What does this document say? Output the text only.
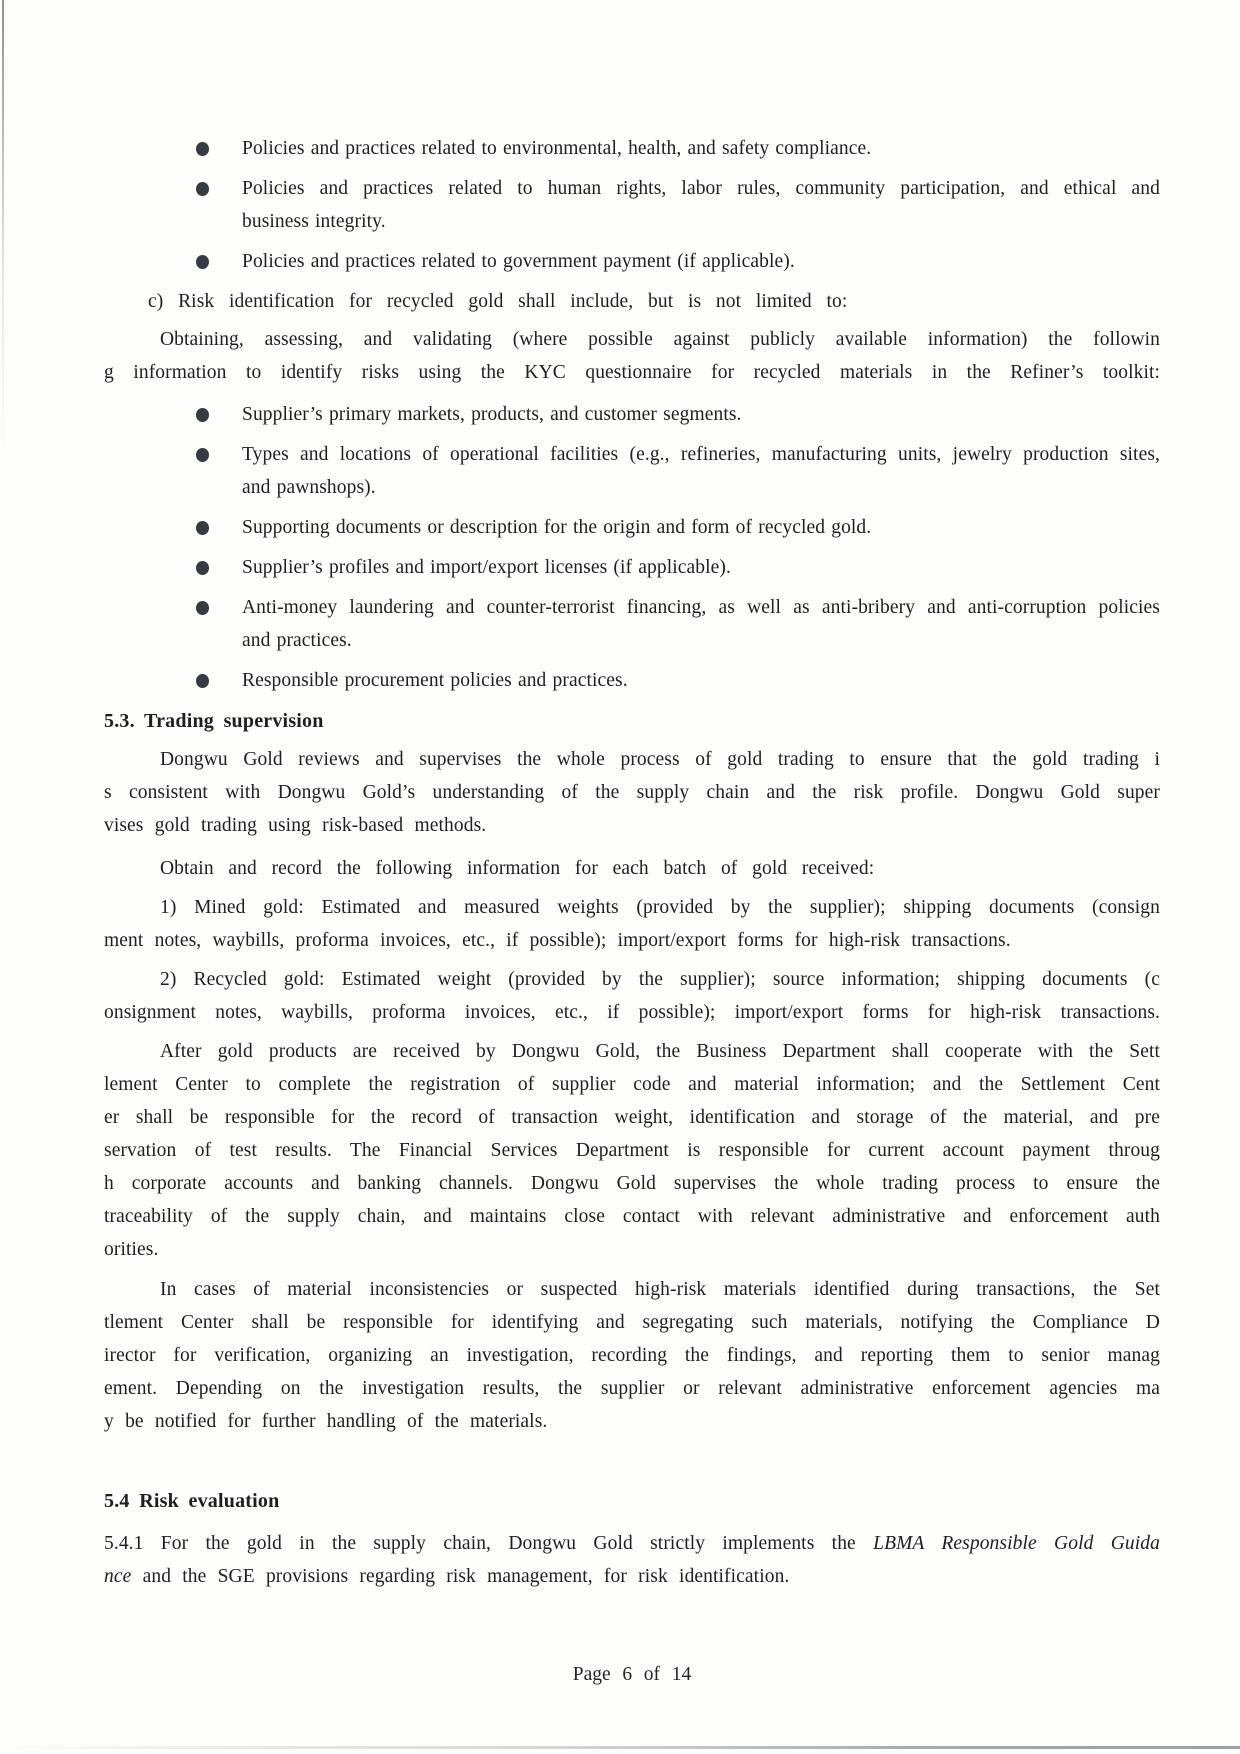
Policies and practices related to environmental, health, and safety compliance.
Policies and practices related to human rights, labor rules, community participation, and ethical and
business integrity.
Policies and practices related to government payment (if applicable).
c) Risk identification for recycled gold shall include, but is not limited to:
Obtaining, assessing, and validating (where possible against publicly available information) the followin
g information to identify risks using the KYC questionnaire for recycled materials in the Refiner’s toolkit:
Supplier’s primary markets, products, and customer segments.
Types and locations of operational facilities (e.g., refineries, manufacturing units, jewelry production sites,
and pawnshops).
Supporting documents or description for the origin and form of recycled gold.
Supplier’s profiles and import/export licenses (if applicable).
Anti-money laundering and counter-terrorist financing, as well as anti-bribery and anti-corruption policies
and practices.
Responsible procurement policies and practices.
5.3. Trading supervision
Dongwu Gold reviews and supervises the whole process of gold trading to ensure that the gold trading i
s consistent with Dongwu Gold’s understanding of the supply chain and the risk profile. Dongwu Gold super
vises gold trading using risk-based methods.
Obtain and record the following information for each batch of gold received:
1) Mined gold: Estimated and measured weights (provided by the supplier); shipping documents (consign
ment notes, waybills, proforma invoices, etc., if possible); import/export forms for high-risk transactions.
2) Recycled gold: Estimated weight (provided by the supplier); source information; shipping documents (c
onsignment notes, waybills, proforma invoices, etc., if possible); import/export forms for high-risk transactions.
After gold products are received by Dongwu Gold, the Business Department shall cooperate with the Sett
lement Center to complete the registration of supplier code and material information; and the Settlement Cent
er shall be responsible for the record of transaction weight, identification and storage of the material, and pre
servation of test results. The Financial Services Department is responsible for current account payment throug
h corporate accounts and banking channels. Dongwu Gold supervises the whole trading process to ensure the
traceability of the supply chain, and maintains close contact with relevant administrative and enforcement auth
orities.
In cases of material inconsistencies or suspected high-risk materials identified during transactions, the Set
tlement Center shall be responsible for identifying and segregating such materials, notifying the Compliance D
irector for verification, organizing an investigation, recording the findings, and reporting them to senior manag
ement. Depending on the investigation results, the supplier or relevant administrative enforcement agencies ma
y be notified for further handling of the materials.
5.4 Risk evaluation
5.4.1 For the gold in the supply chain, Dongwu Gold strictly implements the LBMA Responsible Gold Guida
nce and the SGE provisions regarding risk management, for risk identification.
Page 6 of 14
